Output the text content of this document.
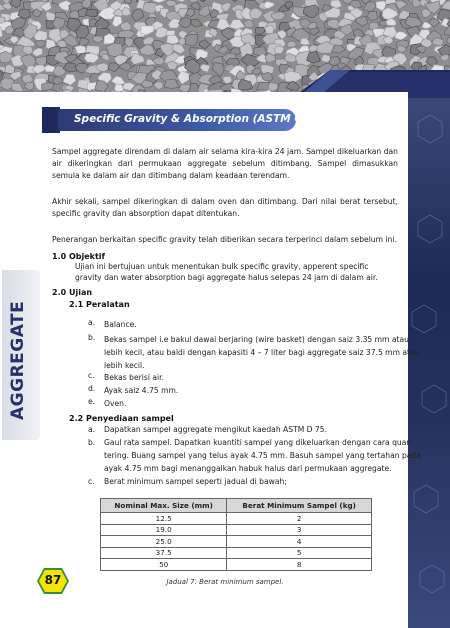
AGGREGATE
Specific Gravity & Absorption (ASTM C 127)
Sampel aggregate direndam di dalam air selama kira-kira 24 jam. Sampel dikeluarkan dan air dikeringkan dari permukaan aggregate sebelum ditimbang. Sampel dimasukkan semula ke dalam air dan ditimbang dalam keadaan terendam.
Akhir sekali, sampel dikeringkan di dalam oven dan ditimbang. Dari nilai berat tersebut, specific gravity dan absorption dapat ditentukan.
Penerangan berkaitan specific gravity telah diberikan secara terperinci dalam sebelum ini.
1.0 Objektif
Ujian ini bertujuan untuk menentukan bulk specific gravity, apperent specific gravity dan water absorption bagi aggregate halus selepas 24 jam di dalam air.
2.0 Ujian
2.1 Peralatan
a. Balance.
b. Bekas sampel i.e bakul dawai berjaring (wire basket) dengan saiz 3.35 mm atau
lebih kecil, atau baldi dengan kapasiti 4 – 7 liter bagi aggregate saiz 37.5 mm atau
lebih kecil.
c. Bekas berisi air.
d. Ayak saiz 4.75 mm.
e. Oven.
2.2 Penyediaan sampel
a. Dapatkan sampel aggregate mengikut kaedah ASTM D 75.
b. Gaul rata sampel. Dapatkan kuantiti sampel yang dikeluarkan dengan cara quar-
tering. Buang sampel yang telus ayak 4.75 mm. Basuh sampel yang tertahan pada
ayak 4.75 mm bagi menanggalkan habuk halus dari permukaan aggregate.
c. Berat minimum sampel seperti jadual di bawah;
Nominal Max. Size (mm)	Berat Minimum Sampel (kg)
12.5	2
19.0	3
25.0	4
37.5	5
50	8
Jadual 7: Berat minimum sampel.
87
